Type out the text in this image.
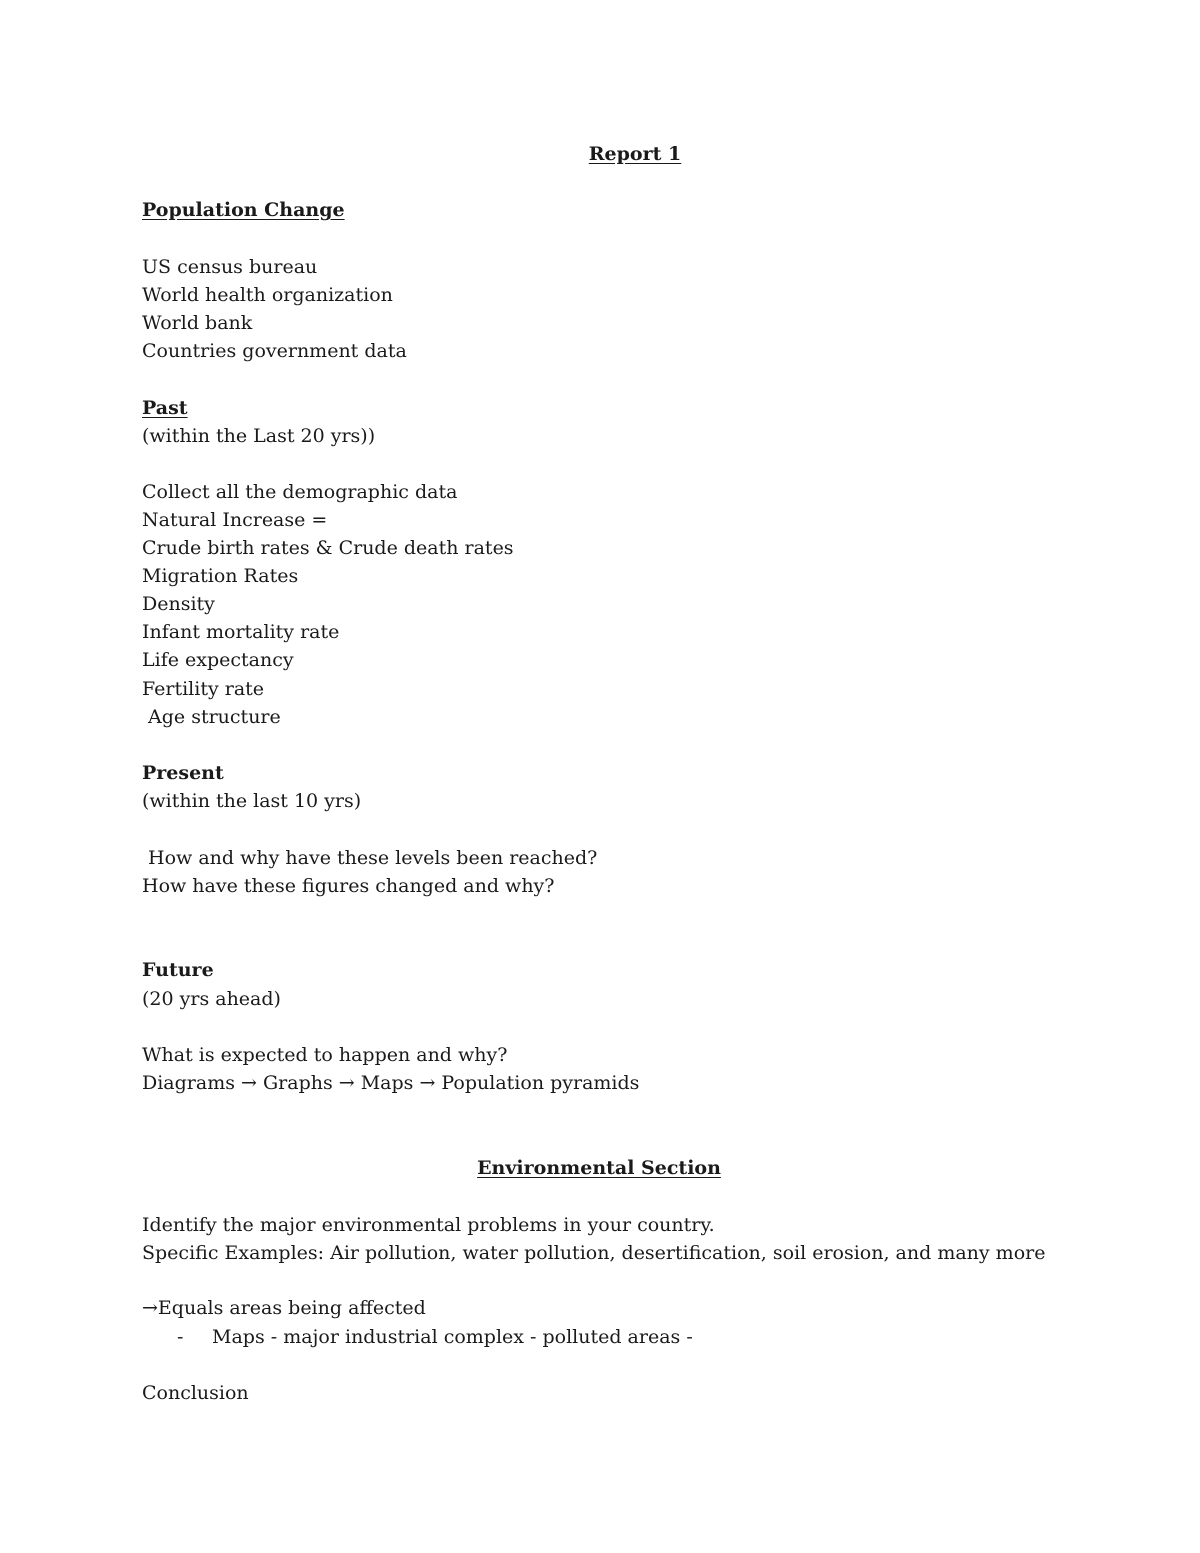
Report 1
Population Change
US census bureau
World health organization
World bank
Countries government data
Past
(within the Last 20 yrs))
Collect all the demographic data
Natural Increase =
Crude birth rates & Crude death rates
Migration Rates
Density
Infant mortality rate
Life expectancy
Fertility rate
Age structure
Present
(within the last 10 yrs)
How and why have these levels been reached?
How have these figures changed and why?
Future
(20 yrs ahead)
What is expected to happen and why?
Diagrams → Graphs → Maps → Population pyramids
Environmental Section
Identify the major environmental problems in your country.
Specific Examples: Air pollution, water pollution, desertification, soil erosion, and many more
→Equals areas being affected
- Maps - major industrial complex - polluted areas -
Conclusion
